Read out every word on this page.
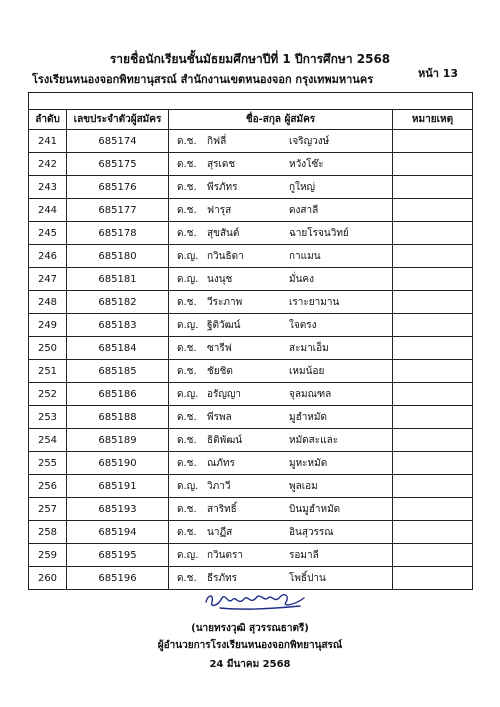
รายชื่อนักเรียนชั้นมัธยมศึกษาปีที่ 1 ปีการศึกษา 2568
หน้า 13
โรงเรียนหนองจอกพิทยานุสรณ์ สำนักงานเขตหนองจอก กรุงเทพมหานคร

ลำดับ	เลขประจำตัวผู้สมัคร	ชื่อ-สกุล ผู้สมัคร	หมายเหตุ
241	685174	ด.ช. กิฟลี่ เจริญวงษ์	

242	685175	ด.ช. สุรเดช หวังโซ๊ะ	

243	685176	ด.ช. พีรภัทร กูใหญ่	

244	685177	ด.ช. ฟารุส ดงสาลี	

245	685178	ด.ช. สุขสันต์ ฉายโรจนวิทย์	

246	685180	ด.ญ. กวินธิดา กาแมน	

247	685181	ด.ญ. นงนุช มั่นคง	

248	685182	ด.ช. วีระภาพ เราะยามาน	

249	685183	ด.ญ. ฐิติวัฒน์ ใจตรง	

250	685184	ด.ช. ซารีฟ สะมาเอ็ม	

251	685185	ด.ช. ชัยชิต เหมน้อย	

252	685186	ด.ญ. อรัญญา จุลมณฑล	

253	685188	ด.ช. พีรพล มูฮำหมัด	

254	685189	ด.ช. ธิติพัฒน์ หมัดสะและ	

255	685190	ด.ช. ณภัทร มูหะหมัด	

256	685191	ด.ญ. วิภาวี พูลเอม	

257	685193	ด.ช. สาริทธิ์ บินมูฮำหมัด	

258	685194	ด.ช. นาฏีส อินสุวรรณ	

259	685195	ด.ญ. กวินตรา รอมาลี	

260	685196	ด.ช. ธีรภัทร โพธิ์ปาน	

(นายทรงวุฒิ สุวรรณธาตรี)
ผู้อำนวยการโรงเรียนหนองจอกพิทยานุสรณ์
24 มีนาคม 2568
